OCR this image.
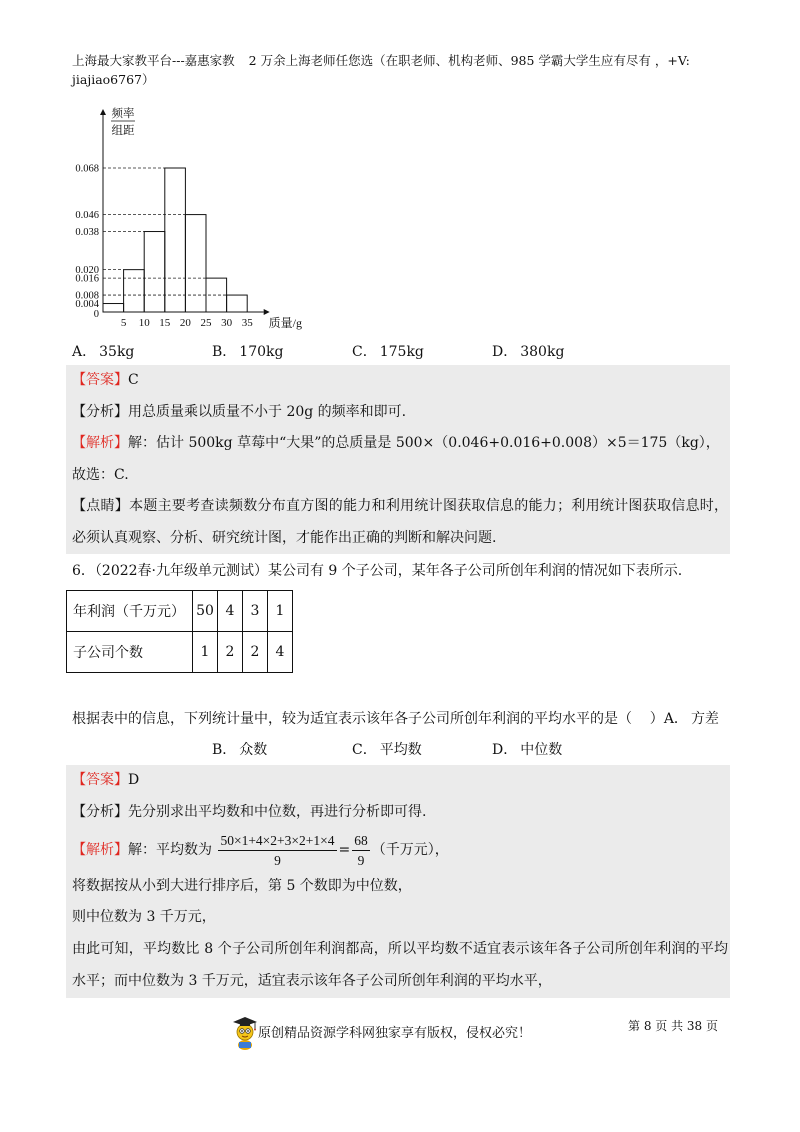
上海最大家教平台---嘉惠家教 2 万余上海老师任您选（在职老师、机构老师、985 学霸大学生应有尽有 ，+V:
jiajiao6767）
0.068
0.046
0.038
0.020
0.016
0.008
0.004
0
5 10 15 20 25 30 35 质量/g
频率
组距
A． 35kg	B． 170kg	C． 175kg	D． 380kg
【答案】C
【分析】用总质量乘以质量不小于 20g 的频率和即可.
【解析】解：估计 500kg 草莓中“大果”的总质量是 500×（0.046+0.016+0.008）×5＝175（kg），
故选：C.
【点睛】本题主要考查读频数分布直方图的能力和利用统计图获取信息的能力；利用统计图获取信息时，
必须认真观察、分析、研究统计图，才能作出正确的判断和解决问题.
6．（2022春·九年级单元测试）某公司有 9 个子公司，某年各子公司所创年利润的情况如下表所示.
年利润（千万元）	50	4	3	1
子公司个数	1	2	2	4
根据表中的信息，下列统计量中，较为适宜表示该年各子公司所创年利润的平均水平的是（    ）A． 方差
B． 众数	C． 平均数	D． 中位数
【答案】D
【分析】先分别求出平均数和中位数，再进行分析即可得.
【解析】解：平均数为 $\frac{50\times 1+4\times 2+3\times 2+1\times 4}{9} = \frac{68}{9}$ （千万元），
将数据按从小到大进行排序后，第 5 个数即为中位数，
则中位数为 3 千万元，
由此可知，平均数比 8 个子公司所创年利润都高，所以平均数不适宜表示该年各子公司所创年利润的平均
水平；而中位数为 3 千万元，适宜表示该年各子公司所创年利润的平均水平，
原创精品资源学科网独家享有版权，侵权必究！	第 8 页 共 38 页
